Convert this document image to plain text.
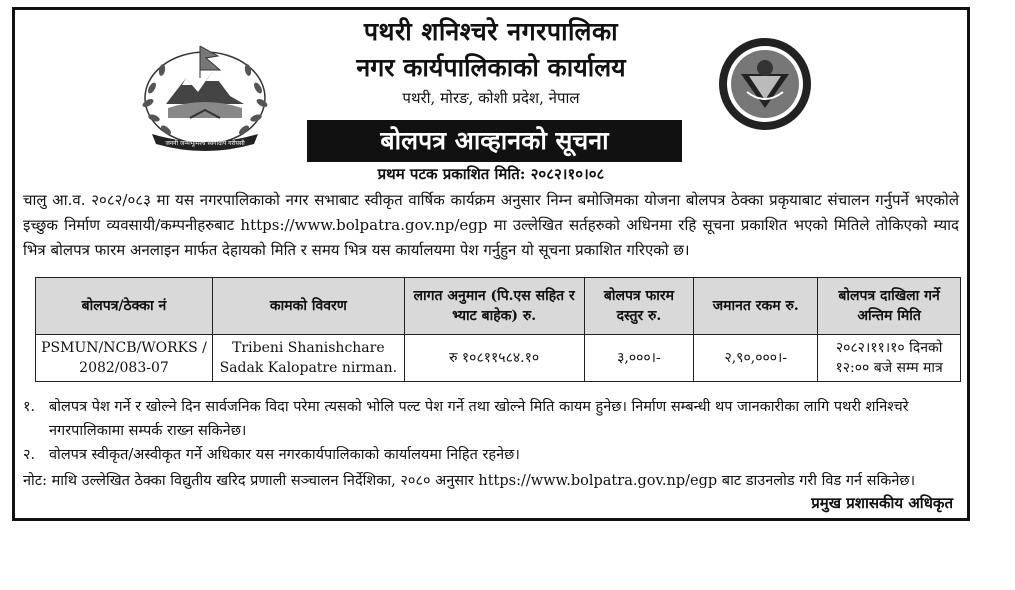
जननी जन्मभूमिश्च स्वर्गादपि गरीयसी
पथरी शनिश्चरे नगरपालिका
नगर कार्यपालिकाको कार्यालय
पथरी, मोरङ, कोशी प्रदेश, नेपाल
बोलपत्र आव्हानको सूचना
प्रथम पटक प्रकाशित मिति: २०८२।१०।०८
चालु आ.व. २०८२/०८३ मा यस नगरपालिकाको नगर सभाबाट स्वीकृत वार्षिक कार्यक्रम अनुसार निम्न बमोजिमका योजना बोलपत्र ठेक्का प्रकृयाबाट संचालन गर्नुपर्ने भएकोले इच्छुक निर्माण व्यवसायी/कम्पनीहरुबाट https://www.bolpatra.gov.np/egp मा उल्लेखित सर्तहरुको अधिनमा रहि सूचना प्रकाशित भएको मितिले तोकिएको म्याद भित्र बोलपत्र फारम अनलाइन मार्फत देहायको मिति र समय भित्र यस कार्यालयमा पेश गर्नुहुन यो सूचना प्रकाशित गरिएको छ।
बोलपत्र/ठेक्का नं	कामको विवरण	लागत अनुमान (पि.एस सहित र भ्याट बाहेक) रु.	बोलपत्र फारम दस्तुर रु.	जमानत रकम रु.	बोलपत्र दाखिला गर्ने अन्तिम मिति
PSMUN/NCB/WORKS / 2082/083-07	Tribeni Shanishchare Sadak Kalopatre nirman.	रु १०८११५८४.१०	३,०००।-	२,९०,०००।-	२०८२।११।१० दिनको १२:०० बजे सम्म मात्र
१. बोलपत्र पेश गर्ने र खोल्ने दिन सार्वजनिक विदा परेमा त्यसको भोलि पल्ट पेश गर्ने तथा खोल्ने मिति कायम हुनेछ। निर्माण सम्बन्धी थप जानकारीका लागि पथरी शनिश्चरे नगरपालिकामा सम्पर्क राख्न सकिनेछ।
२. वोलपत्र स्वीकृत/अस्वीकृत गर्ने अधिकार यस नगरकार्यपालिकाको कार्यालयमा निहित रहनेछ।
नोट: माथि उल्लेखित ठेक्का विद्युतीय खरिद प्रणाली सञ्चालन निर्देशिका, २०८० अनुसार https://www.bolpatra.gov.np/egp बाट डाउनलोड गरी विड गर्न सकिनेछ।
प्रमुख प्रशासकीय अधिकृत
